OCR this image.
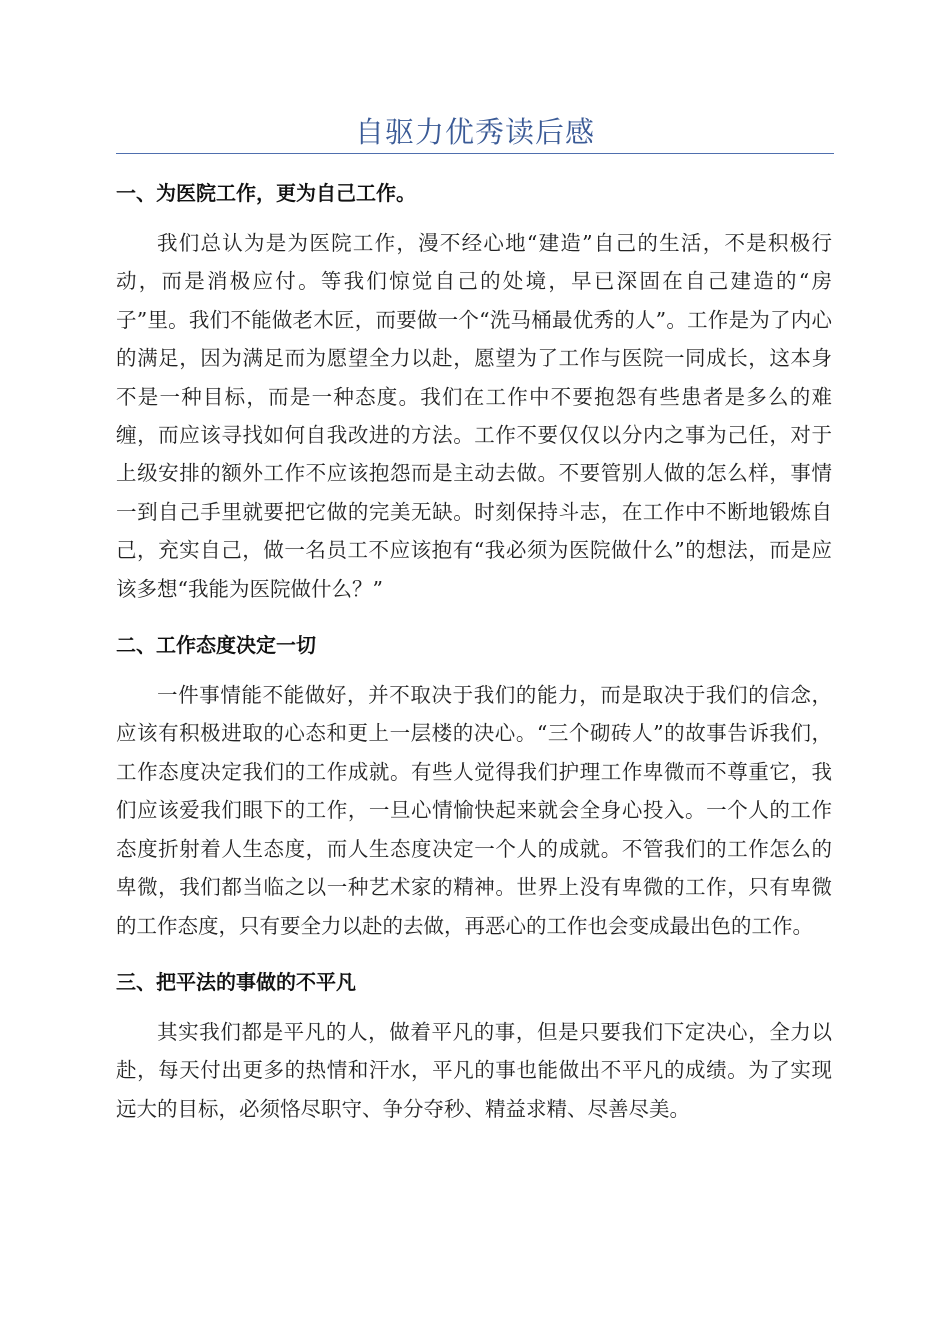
自驱力优秀读后感
一、为医院工作，更为自己工作。

我们总认为是为医院工作，漫不经心地“建造”自己的生活，不是积极行动，而是消极应付。等我们惊觉自己的处境，早已深固在自己建造的“房子”里。我们不能做老木匠，而要做一个“洗马桶最优秀的人”。工作是为了内心的满足，因为满足而为愿望全力以赴，愿望为了工作与医院一同成长，这本身不是一种目标，而是一种态度。我们在工作中不要抱怨有些患者是多么的难缠，而应该寻找如何自我改进的方法。工作不要仅仅以分内之事为己任，对于上级安排的额外工作不应该抱怨而是主动去做。不要管别人做的怎么样，事情一到自己手里就要把它做的完美无缺。时刻保持斗志，在工作中不断地锻炼自己，充实自己，做一名员工不应该抱有“我必须为医院做什么”的想法，而是应该多想“我能为医院做什么？”

二、工作态度决定一切

一件事情能不能做好，并不取决于我们的能力，而是取决于我们的信念，应该有积极进取的心态和更上一层楼的决心。“三个砌砖人”的故事告诉我们，工作态度决定我们的工作成就。有些人觉得我们护理工作卑微而不尊重它，我们应该爱我们眼下的工作，一旦心情愉快起来就会全身心投入。一个人的工作态度折射着人生态度，而人生态度决定一个人的成就。不管我们的工作怎么的卑微，我们都当临之以一种艺术家的精神。世界上没有卑微的工作，只有卑微的工作态度，只有要全力以赴的去做，再恶心的工作也会变成最出色的工作。

三、把平法的事做的不平凡

其实我们都是平凡的人，做着平凡的事，但是只要我们下定决心，全力以赴，每天付出更多的热情和汗水，平凡的事也能做出不平凡的成绩。为了实现远大的目标，必须恪尽职守、争分夺秒、精益求精、尽善尽美。
